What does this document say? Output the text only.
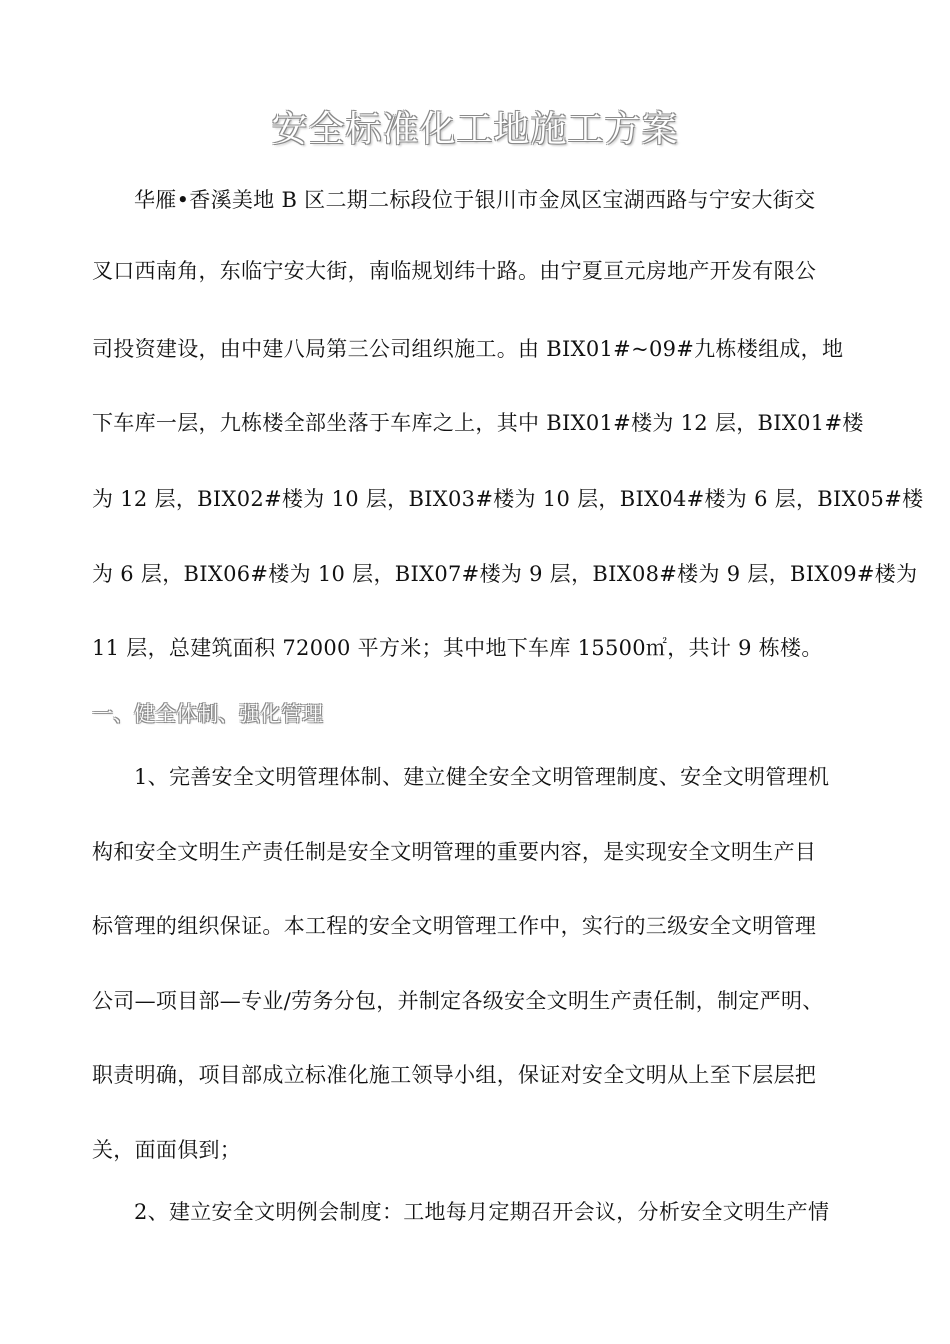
安全标准化工地施工方案
华雁•香溪美地 B 区二期二标段位于银川市金凤区宝湖西路与宁安大街交
叉口西南角，东临宁安大街，南临规划纬十路。由宁夏亘元房地产开发有限公
司投资建设，由中建八局第三公司组织施工。由 BIX01#~09#九栋楼组成，地
下车库一层，九栋楼全部坐落于车库之上，其中 BIX01#楼为 12 层，BIX01#楼
为 12 层，BIX02#楼为 10 层，BIX03#楼为 10 层，BIX04#楼为 6 层，BIX05#楼
为 6 层，BIX06#楼为 10 层，BIX07#楼为 9 层，BIX08#楼为 9 层，BIX09#楼为
11 层，总建筑面积 72000 平方米；其中地下车库 15500㎡，共计 9 栋楼。
一、健全体制、强化管理
1、完善安全文明管理体制、建立健全安全文明管理制度、安全文明管理机
构和安全文明生产责任制是安全文明管理的重要内容，是实现安全文明生产目
标管理的组织保证。本工程的安全文明管理工作中，实行的三级安全文明管理
公司—项目部—专业/劳务分包，并制定各级安全文明生产责任制，制定严明、
职责明确，项目部成立标准化施工领导小组，保证对安全文明从上至下层层把
关，面面俱到；
2、建立安全文明例会制度：工地每月定期召开会议，分析安全文明生产情
